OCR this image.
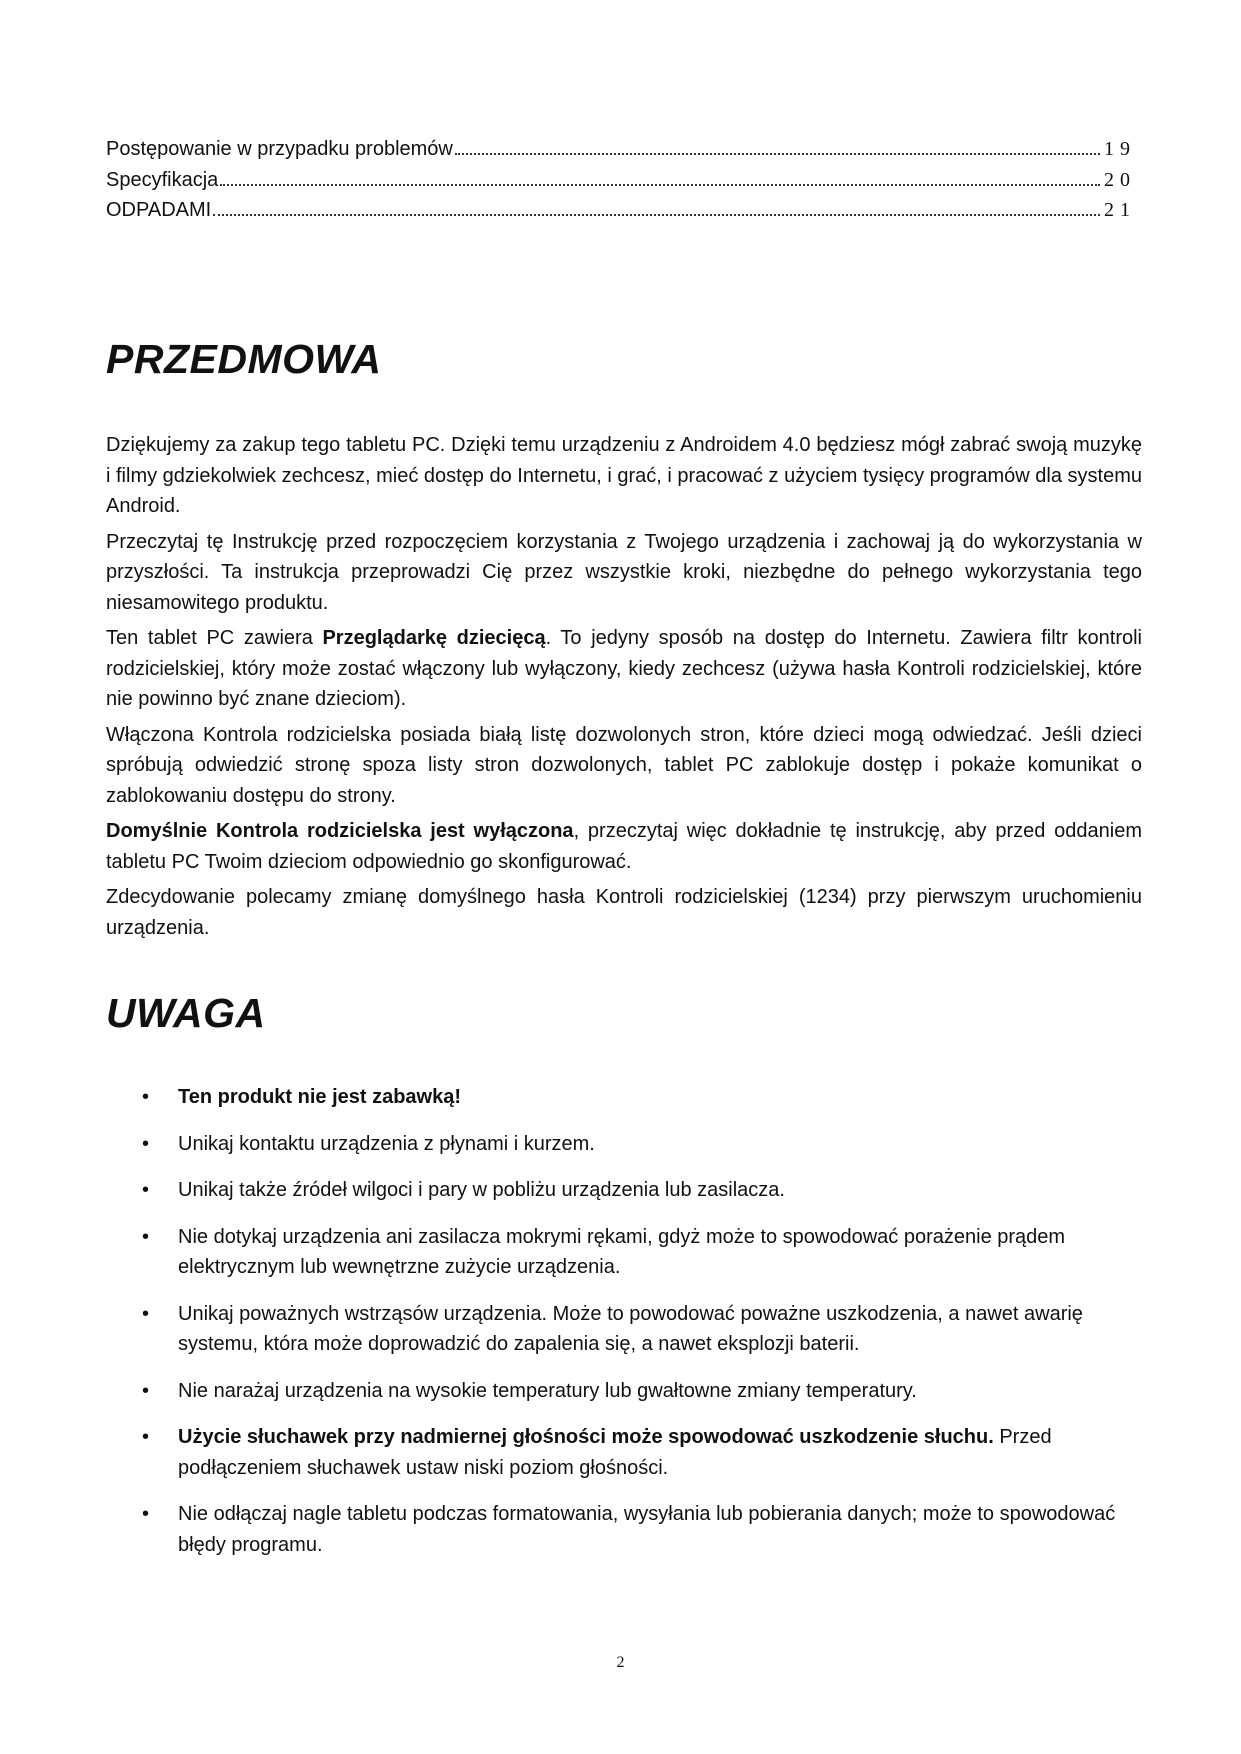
Postępowanie w przypadku problemów	19
Specyfikacja	20
ODPADAMI	21
PRZEDMOWA

Dziękujemy za zakup tego tabletu PC. Dzięki temu urządzeniu z Androidem 4.0 będziesz mógł zabrać swoją muzykę i filmy gdziekolwiek zechcesz, mieć dostęp do Internetu, i grać, i pracować z użyciem tysięcy programów dla systemu Android.

Przeczytaj tę Instrukcję przed rozpoczęciem korzystania z Twojego urządzenia i zachowaj ją do wykorzystania w przyszłości. Ta instrukcja przeprowadzi Cię przez wszystkie kroki, niezbędne do pełnego wykorzystania tego niesamowitego produktu.

Ten tablet PC zawiera Przeglądarkę dziecięcą. To jedyny sposób na dostęp do Internetu. Zawiera filtr kontroli rodzicielskiej, który może zostać włączony lub wyłączony, kiedy zechcesz (używa hasła Kontroli rodzicielskiej, które nie powinno być znane dzieciom).

Włączona Kontrola rodzicielska posiada białą listę dozwolonych stron, które dzieci mogą odwiedzać. Jeśli dzieci spróbują odwiedzić stronę spoza listy stron dozwolonych, tablet PC zablokuje dostęp i pokaże komunikat o zablokowaniu dostępu do strony.

Domyślnie Kontrola rodzicielska jest wyłączona, przeczytaj więc dokładnie tę instrukcję, aby przed oddaniem tabletu PC Twoim dzieciom odpowiednio go skonfigurować.

Zdecydowanie polecamy zmianę domyślnego hasła Kontroli rodzicielskiej (1234) przy pierwszym uruchomieniu urządzenia.

UWAGA
• Ten produkt nie jest zabawką!
• Unikaj kontaktu urządzenia z płynami i kurzem.
• Unikaj także źródeł wilgoci i pary w pobliżu urządzenia lub zasilacza.
• Nie dotykaj urządzenia ani zasilacza mokrymi rękami, gdyż może to spowodować porażenie prądem elektrycznym lub wewnętrzne zużycie urządzenia.
• Unikaj poważnych wstrząsów urządzenia. Może to powodować poważne uszkodzenia, a nawet awarię systemu, która może doprowadzić do zapalenia się, a nawet eksplozji baterii.
• Nie narażaj urządzenia na wysokie temperatury lub gwałtowne zmiany temperatury.
• Użycie słuchawek przy nadmiernej głośności może spowodować uszkodzenie słuchu. Przed podłączeniem słuchawek ustaw niski poziom głośności.
• Nie odłączaj nagle tabletu podczas formatowania, wysyłania lub pobierania danych; może to spowodować błędy programu.
2
